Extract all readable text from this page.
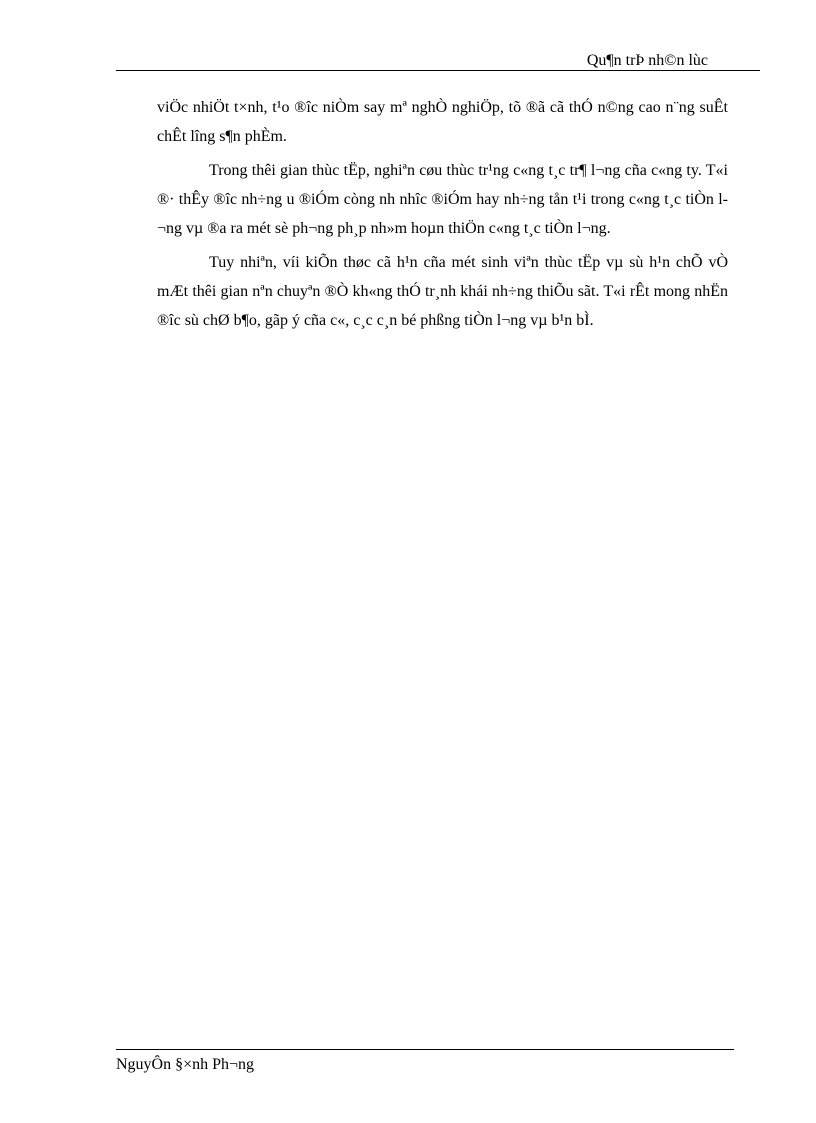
Qu¶n trÞ nh©n lùc

viÖc nhiÖt t×nh, t¹o ®îc niÒm say mª nghÒ nghiÖp, tõ ®ã cã thÓ n©ng cao n¨ng suÊt chÊt lîng s¶n phÈm.

Trong thêi gian thùc tËp, nghiªn cøu thùc tr¹ng c«ng t¸c tr¶ l¬ng cña c«ng ty. T«i ®· thÊy ®îc nh÷ng u ®iÓm còng nh nhîc ®iÓm hay nh÷ng tån t¹i trong c«ng t¸c tiÒn l¬ng vµ ®a ra mét sè ph¬ng ph¸p nh»m hoµn thiÖn c«ng t¸c tiÒn l¬ng.

Tuy nhiªn, víi kiÕn thøc cã h¹n cña mét sinh viªn thùc tËp vµ sù h¹n chÕ vÒ mÆt thêi gian nªn chuyªn ®Ò kh«ng thÓ tr¸nh khái nh÷ng thiÕu sãt. T«i rÊt mong nhËn ®îc sù chØ b¶o, gãp ý cña c«, c¸c c¸n bé phßng tiÒn l¬ng vµ b¹n bÌ.

NguyÔn §×nh Ph¬ng
